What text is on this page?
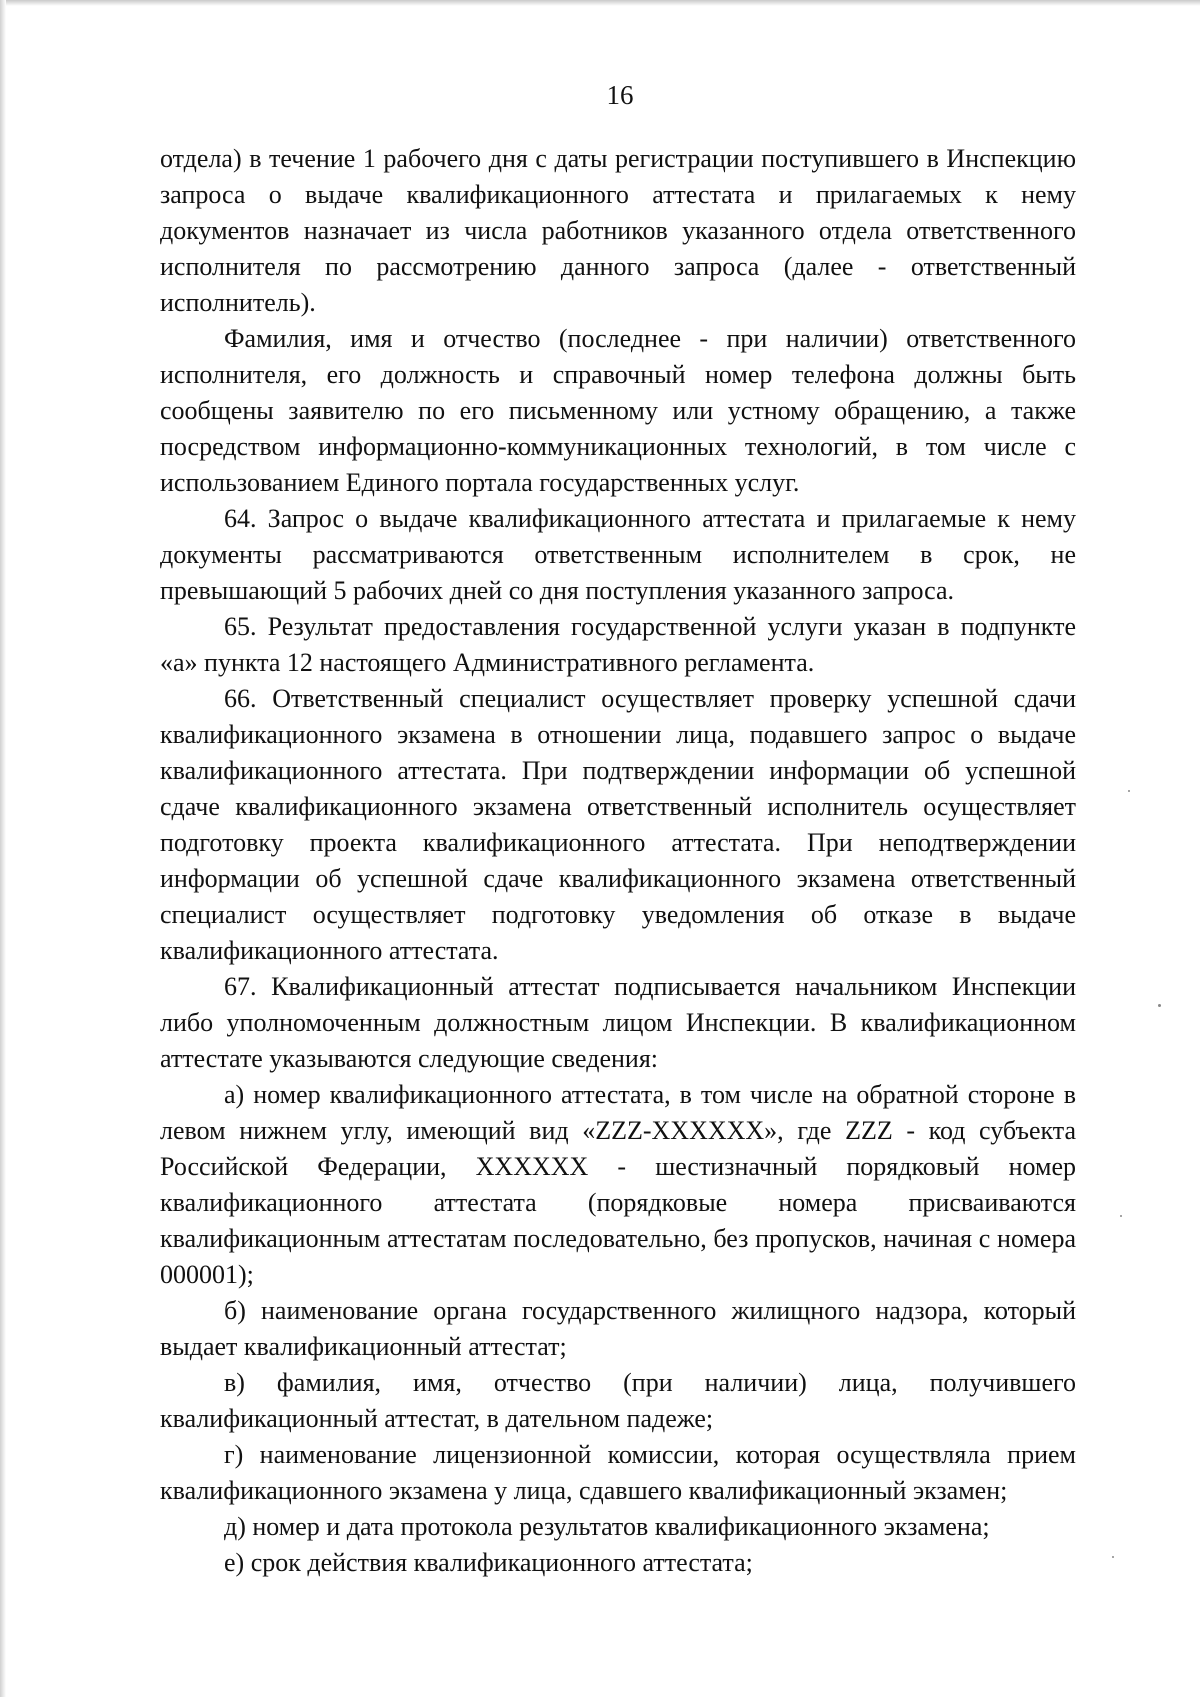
16

отдела) в течение 1 рабочего дня с даты регистрации поступившего в Инспекцию запроса о выдаче квалификационного аттестата и прилагаемых к нему документов назначает из числа работников указанного отдела ответственного исполнителя по рассмотрению данного запроса (далее - ответственный исполнитель).

Фамилия, имя и отчество (последнее - при наличии) ответственного исполнителя, его должность и справочный номер телефона должны быть сообщены заявителю по его письменному или устному обращению, а также посредством информационно-коммуникационных технологий, в том числе с использованием Единого портала государственных услуг.

64. Запрос о выдаче квалификационного аттестата и прилагаемые к нему документы рассматриваются ответственным исполнителем в срок, не превышающий 5 рабочих дней со дня поступления указанного запроса.

65. Результат предоставления государственной услуги указан в подпункте «а» пункта 12 настоящего Административного регламента.

66. Ответственный специалист осуществляет проверку успешной сдачи квалификационного экзамена в отношении лица, подавшего запрос о выдаче квалификационного аттестата. При подтверждении информации об успешной сдаче квалификационного экзамена ответственный исполнитель осуществляет подготовку проекта квалификационного аттестата. При неподтверждении информации об успешной сдаче квалификационного экзамена ответственный специалист осуществляет подготовку уведомления об отказе в выдаче квалификационного аттестата.

67. Квалификационный аттестат подписывается начальником Инспекции либо уполномоченным должностным лицом Инспекции. В квалификационном аттестате указываются следующие сведения:

а) номер квалификационного аттестата, в том числе на обратной стороне в левом нижнем углу, имеющий вид «ZZZ-XXXXXX», где ZZZ - код субъекта Российской Федерации, XXXXXX - шестизначный порядковый номер квалификационного аттестата (порядковые номера присваиваются квалификационным аттестатам последовательно, без пропусков, начиная с номера 000001);

б) наименование органа государственного жилищного надзора, который выдает квалификационный аттестат;

в) фамилия, имя, отчество (при наличии) лица, получившего квалификационный аттестат, в дательном падеже;

г) наименование лицензионной комиссии, которая осуществляла прием квалификационного экзамена у лица, сдавшего квалификационный экзамен;

д) номер и дата протокола результатов квалификационного экзамена;

е) срок действия квалификационного аттестата;
